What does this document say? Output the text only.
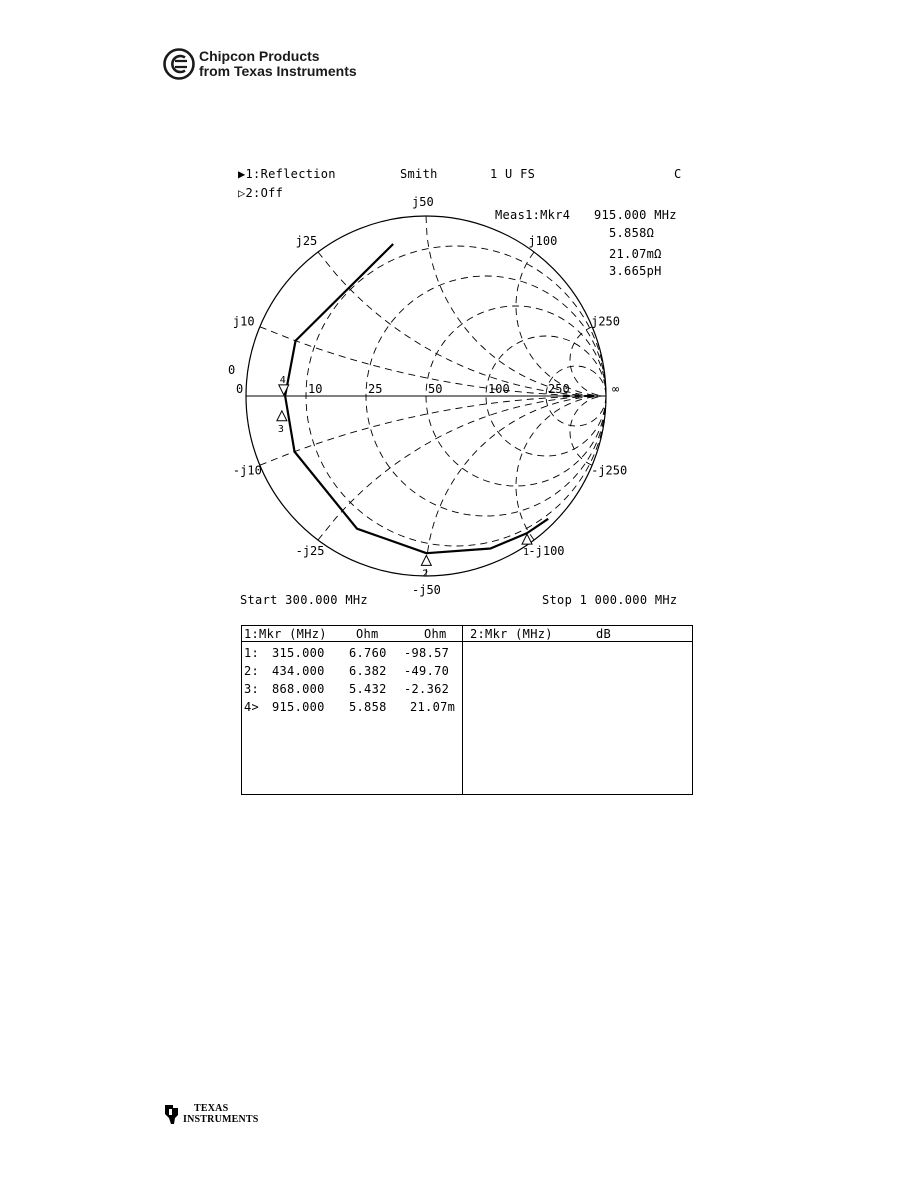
Chipcon Products
from Texas Instruments
▶1:Reflection
▷2:Off
Smith	1 U FS	C
Meas1:Mkr4 915.000 MHz
5.858Ω
21.07mΩ
3.665pH
j10
j25
j50
j100
j250
-j10
-j25
-j50
-j100
-j250
0	10	25	50	100	250	∞
0
1
2
3
4
Start 300.000 MHz	Stop 1 000.000 MHz
1:Mkr (MHz) Ohm	Ohm 2:Mkr (MHz)	dB
1: 315.000 6.760 -98.57
2: 434.000 6.382 -49.70
3: 868.000 5.432 -2.362
4> 915.000 5.858 21.07m
TEXAS
INSTRUMENTS
